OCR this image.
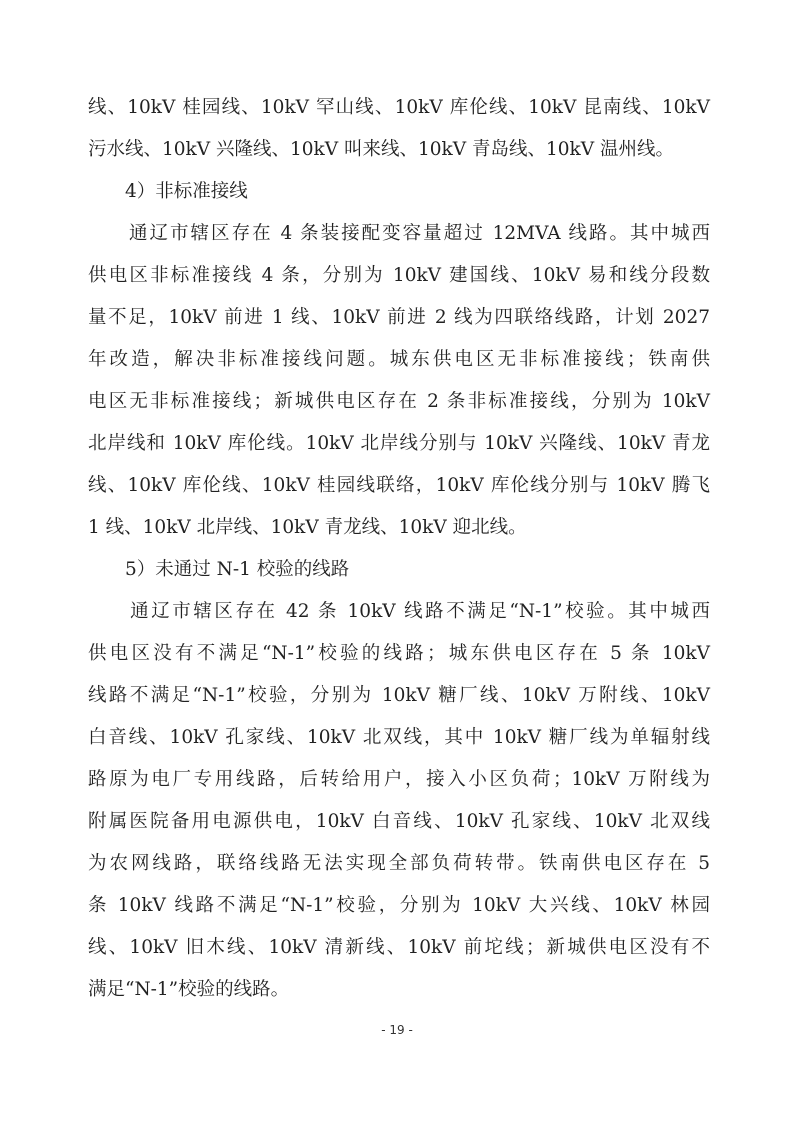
线、10kV 桂园线、10kV 罕山线、10kV 库伦线、10kV 昆南线、10kV
污水线、10kV 兴隆线、10kV 叫来线、10kV 青岛线、10kV 温州线。
　　4）非标准接线
　　通辽市辖区存在 4 条装接配变容量超过 12MVA 线路。其中城西
供电区非标准接线 4 条，分别为 10kV 建国线、10kV 易和线分段数
量不足，10kV 前进 1 线、10kV 前进 2 线为四联络线路，计划 2027
年改造，解决非标准接线问题。城东供电区无非标准接线；铁南供
电区无非标准接线；新城供电区存在 2 条非标准接线，分别为 10kV
北岸线和 10kV 库伦线。10kV 北岸线分别与 10kV 兴隆线、10kV 青龙
线、10kV 库伦线、10kV 桂园线联络，10kV 库伦线分别与 10kV 腾飞
1 线、10kV 北岸线、10kV 青龙线、10kV 迎北线。
　　5）未通过 N-1 校验的线路
　　通辽市辖区存在 42 条 10kV 线路不满足“N-1”校验。其中城西
供电区没有不满足“N-1”校验的线路；城东供电区存在 5 条 10kV
线路不满足“N-1”校验，分别为 10kV 糖厂线、10kV 万附线、10kV
白音线、10kV 孔家线、10kV 北双线，其中 10kV 糖厂线为单辐射线
路原为电厂专用线路，后转给用户，接入小区负荷；10kV 万附线为
附属医院备用电源供电，10kV 白音线、10kV 孔家线、10kV 北双线
为农网线路，联络线路无法实现全部负荷转带。铁南供电区存在 5
条 10kV 线路不满足“N-1”校验，分别为 10kV 大兴线、10kV 林园
线、10kV 旧木线、10kV 清新线、10kV 前坨线；新城供电区没有不
满足“N-1”校验的线路。
- 19 -
